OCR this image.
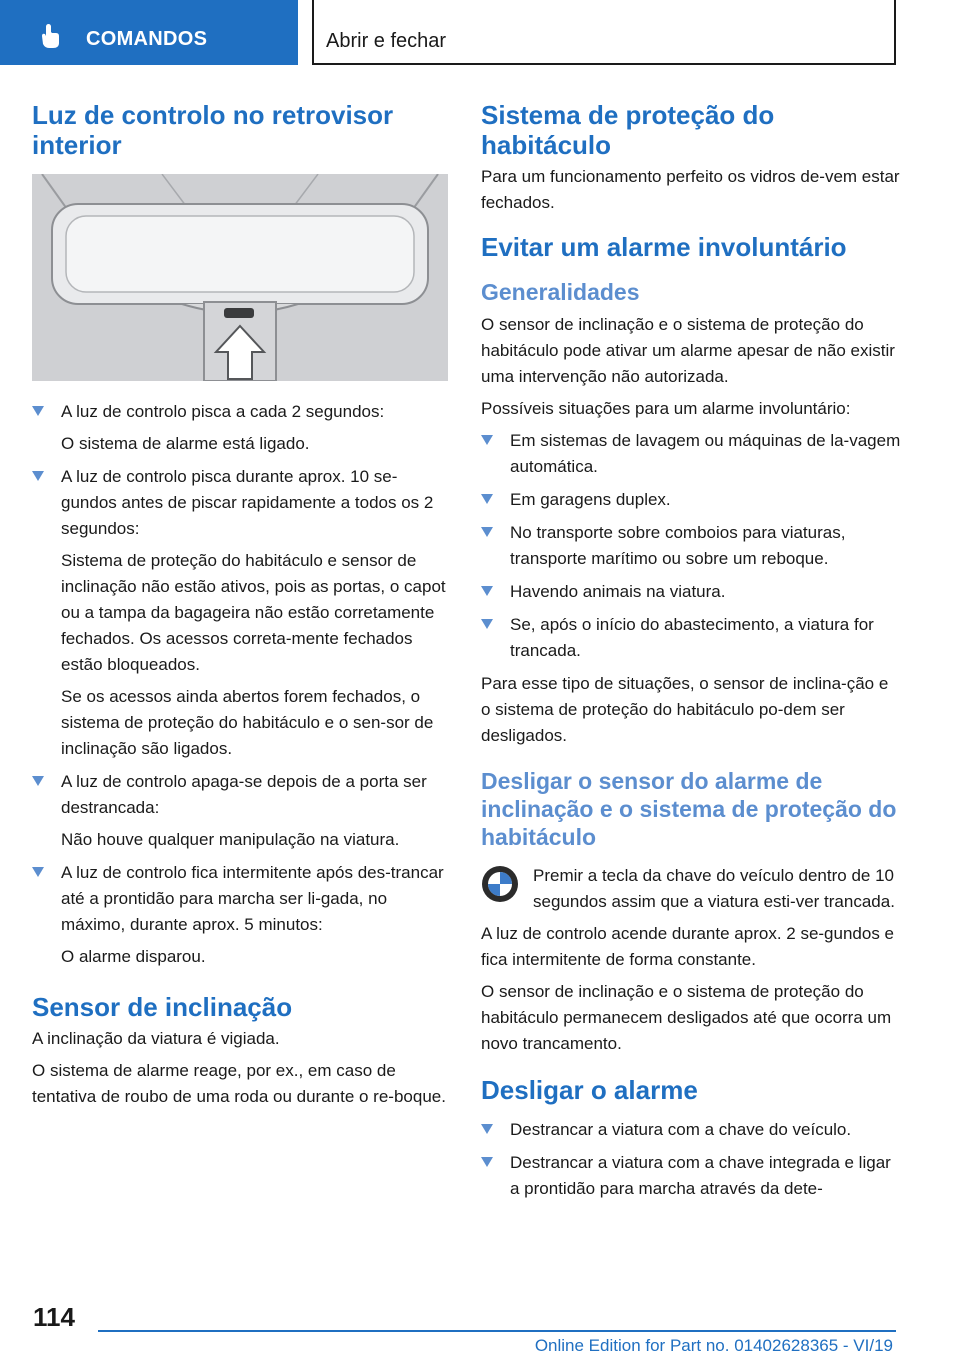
COMANDOS	Abrir e fechar
Luz de controlo no retrovisor interior

A luz de controlo pisca a cada 2 segundos:

O sistema de alarme está ligado.

A luz de controlo pisca durante aprox. 10 se-gundos antes de piscar rapidamente a todos os 2 segundos:

Sistema de proteção do habitáculo e sensor de inclinação não estão ativos, pois as portas, o capot ou a tampa da bagageira não estão corretamente fechados. Os acessos correta-mente fechados estão bloqueados.

Se os acessos ainda abertos forem fechados, o sistema de proteção do habitáculo e o sen-sor de inclinação são ligados.

A luz de controlo apaga-se depois de a porta ser destrancada:

Não houve qualquer manipulação na viatura.

A luz de controlo fica intermitente após des-trancar até a prontidão para marcha ser li-gada, no máximo, durante aprox. 5 minutos:

O alarme disparou.

Sensor de inclinação

A inclinação da viatura é vigiada.

O sistema de alarme reage, por ex., em caso de tentativa de roubo de uma roda ou durante o re-boque.

Sistema de proteção do habitáculo

Para um funcionamento perfeito os vidros de-vem estar fechados.

Evitar um alarme involuntário
Generalidades

O sensor de inclinação e o sistema de proteção do habitáculo pode ativar um alarme apesar de não existir uma intervenção não autorizada.

Possíveis situações para um alarme involuntário:

Em sistemas de lavagem ou máquinas de la-vagem automática.

Em garagens duplex.

No transporte sobre comboios para viaturas, transporte marítimo ou sobre um reboque.

Havendo animais na viatura.

Se, após o início do abastecimento, a viatura for trancada.

Para esse tipo de situações, o sensor de inclina-ção e o sistema de proteção do habitáculo po-dem ser desligados.

Desligar o sensor do alarme de inclinação e o sistema de proteção do habitáculo

Premir a tecla da chave do veículo dentro de 10 segundos assim que a viatura esti-ver trancada.

A luz de controlo acende durante aprox. 2 se-gundos e fica intermitente de forma constante.

O sensor de inclinação e o sistema de proteção do habitáculo permanecem desligados até que ocorra um novo trancamento.

Desligar o alarme

Destrancar a viatura com a chave do veículo.

Destrancar a viatura com a chave integrada e ligar a prontidão para marcha através da dete-

114
Online Edition for Part no. 01402628365 - VI/19
